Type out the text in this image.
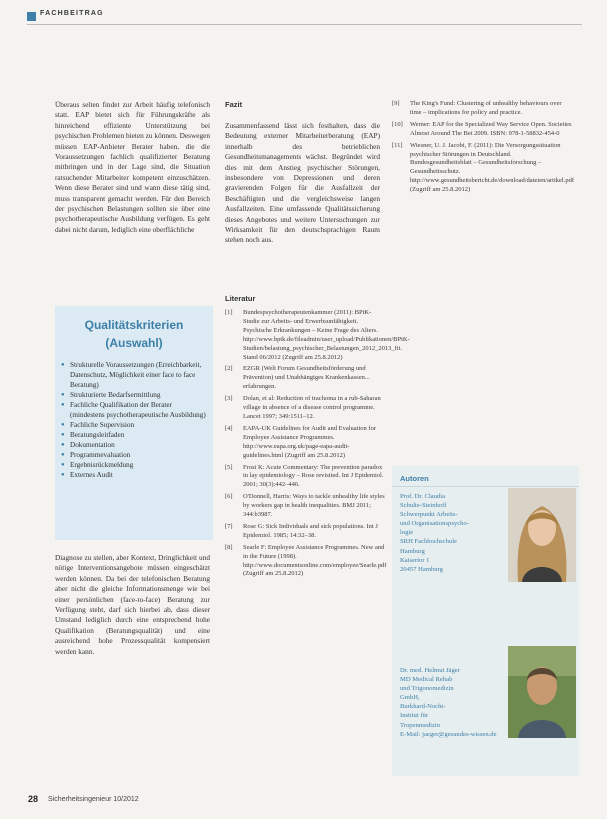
FACHBEITRAG
Überaus selten findet zur Arbeit häufig telefonisch statt. EAP bietet sich für Führungskräfte als hinreichend effiziente Unterstützung bei psychischen Problemen bieten zu können. Deswegen müssen EAP-Anbieter Berater haben, die die Voraussetzungen fachlich qualifizierter Beratung mitbringen und in der Lage sind, die Situation ratsuchender Mitarbeiter kompetent einzuschätzen. Wenn diese Berater sind und wann diese tätig sind, muss transparent gemacht werden. Für den Bereich der psychischen Belastungen sollten sie über eine psychotherapeutische Ausbildung verfügen. Es geht dabei nicht darum, lediglich eine oberflächliche
Qualitätskriterien
(Auswahl)
● Strukturelle Voraussetzungen (Erreichbarkeit, Datenschutz, Möglichkeit einer face to face Beratung)
● Strukturierte Bedarfsermittlung
● Fachliche Qualifikation der Berater (mindestens psychotherapeutische Ausbildung)
● Fachliche Supervision
● Beratungsleitfaden
● Dokumentation
● Programmevaluation
● Ergebnisrückmeldung
● Externes Audit
Diagnose zu stellen, aber Kontext, Dringlichkeit und nötige Interventionsangebote müssen eingeschätzt werden können. Da bei der telefonischen Beratung aber nicht die gleiche Informationsmenge wie bei einer persönlichen (face-to-face) Beratung zur Verfügung steht, darf sich hierbei ab, dass dieser Umstand lediglich durch eine entsprechend hohe Qualifikation (Beratungsqualität) und eine ausreichend hohe Prozessqualität kompensiert werden kann.
Fazit

Zusammenfassend lässt sich festhalten, dass die Bedeutung externer Mitarbeiterberatung (EAP) innerhalb des betrieblichen Gesundheitsmanagements wächst. Begründet wird dies mit dem Anstieg psychischer Störungen, insbesondere von Depressionen und deren gravierenden Folgen für die Ausfallzeit der Beschäftigten und die vergleichsweise langen Ausfallzeiten. Eine umfassende Qualitätssicherung dieses Angebotes und weitere Untersuchungen zur Wirksamkeit für den deutschsprachigen Raum stehen noch aus.

Literatur
[1] Bundespsychotherapeutenkammer (2011): BPtK-Studie zur Arbeits- und Erwerbsunfähigkeit. Psychische Erkrankungen – Keine Frage des Alters. http://www.bptk.de/fileadmin/user_upload/Publikationen/BPtK-Studien/belastung_psychischer_Belastungen_2012_2013_fit. Stand 06/2012 (Zugriff am 25.8.2012)
[2] EZGR (Welt Forum Gesundheitsförderung und Prävention) und Unabhängiges Krankenkassen... erfahrungen.
[3] Dolan, et al: Reduction of trachoma in a rub-Saharan village in absence of a disease control programme. Lancet 1997; 349:1511–12.
[4] EAPA-UK Guidelines for Audit and Evaluation for Employee Assistance Programmes. http://www.eapa.org.uk/page-eapa-audit-guidelines.html (Zugriff am 25.8.2012)
[5] Frost K: Acute Commentary: The prevention paradox in lay epidemiology – Rose revisited. Int J Epidemiol. 2001; 30(3):442–446.
[6] O'Donnell, Harris: Ways to tackle unhealthy life styles by workers gap in health inequalities. BMJ 2011; 344:b3987.
[7] Rose G: Sick Individuals and sick populations. Int J Epidemiol. 1985; 14:32–38.
[8] Searle F: Employee Assistance Programmes. New and in the Future (1998). http://www.documentsonline.com/employee/Searle.pdf (Zugriff am 25.8.2012)
[9] The King's Fund: Clustering of unhealthy behaviours over time – implications for policy and practice.
[10] Werner: EAP for the Specialized Way Service Open. Societies Almost Around The Bet 2009. ISBN: 978-1-58832-454-0
[11] Wiesner, U. J. Jacobi, F. (2011): Die Versorgungssituation psychischer Störungen in Deutschland. Bundesgesundheitsblatt – Gesundheitsforschung – Gesundheitsschutz. http://www.gesundheitsbericht.de/download/dateien/artikel.pdf (Zugriff am 25.8.2012)
Autoren
Prof. Dr. Claudia
Schulte-Steinhoff
Schwerpunkt Arbeits-
und Organisationspsycho-
logie
SRH Fachhochschule
Hamburg
Kaisertor 1
20457 Hamburg
Dr. med. Helmut Jäger
MD Medical Rehab
und Trigonomedizin
GmbH,
Burkhard-Nocht-
Institut für
Tropenmedizin
E-Mail: jaeger@gesundes-wissen.de
28 Sicherheitsingenieur 10/2012
